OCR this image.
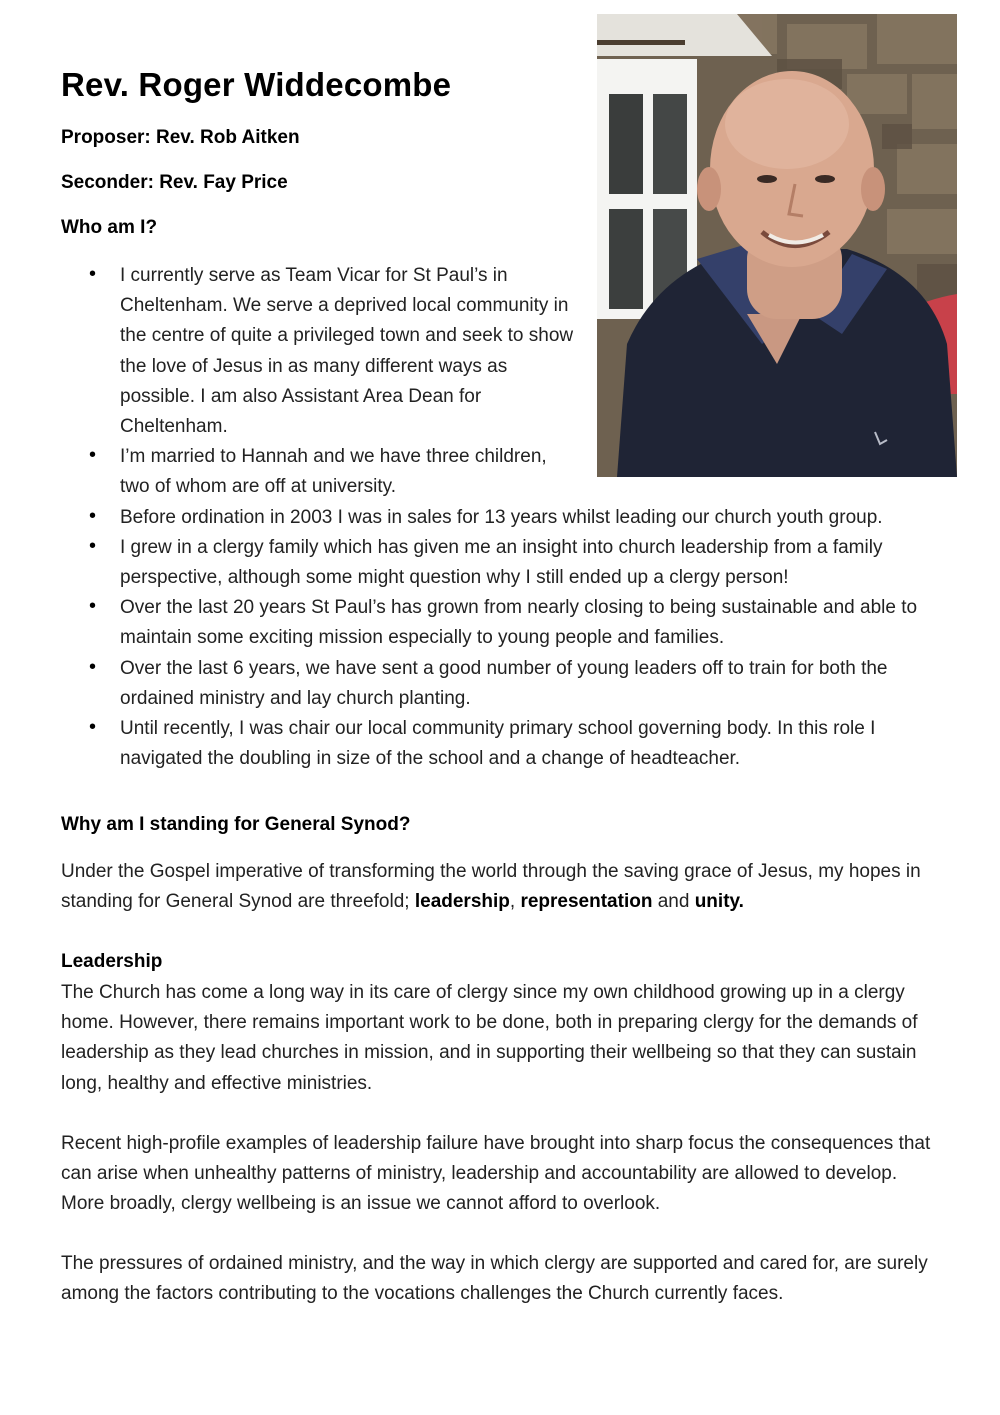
Rev. Roger Widdecombe

Proposer: Rev. Rob Aitken

Seconder: Rev. Fay Price

Who am I?

• I currently serve as Team Vicar for St Paul’s in Cheltenham. We serve a deprived local community in the centre of quite a privileged town and seek to show the love of Jesus in as many different ways as possible. I am also Assistant Area Dean for Cheltenham.
• I’m married to Hannah and we have three children, two of whom are off at university.
• Before ordination in 2003 I was in sales for 13 years whilst leading our church youth group.
• I grew in a clergy family which has given me an insight into church leadership from a family perspective, although some might question why I still ended up a clergy person!
• Over the last 20 years St Paul’s has grown from nearly closing to being sustainable and able to maintain some exciting mission especially to young people and families.
• Over the last 6 years, we have sent a good number of young leaders off to train for both the ordained ministry and lay church planting.
• Until recently, I was chair our local community primary school governing body. In this role I navigated the doubling in size of the school and a change of headteacher.

Why am I standing for General Synod?

Under the Gospel imperative of transforming the world through the saving grace of Jesus, my hopes in standing for General Synod are threefold; leadership, representation and unity.

Leadership

The Church has come a long way in its care of clergy since my own childhood growing up in a clergy home. However, there remains important work to be done, both in preparing clergy for the demands of leadership as they lead churches in mission, and in supporting their wellbeing so that they can sustain long, healthy and effective ministries.

Recent high-profile examples of leadership failure have brought into sharp focus the consequences that can arise when unhealthy patterns of ministry, leadership and accountability are allowed to develop. More broadly, clergy wellbeing is an issue we cannot afford to overlook.

The pressures of ordained ministry, and the way in which clergy are supported and cared for, are surely among the factors contributing to the vocations challenges the Church currently faces.
